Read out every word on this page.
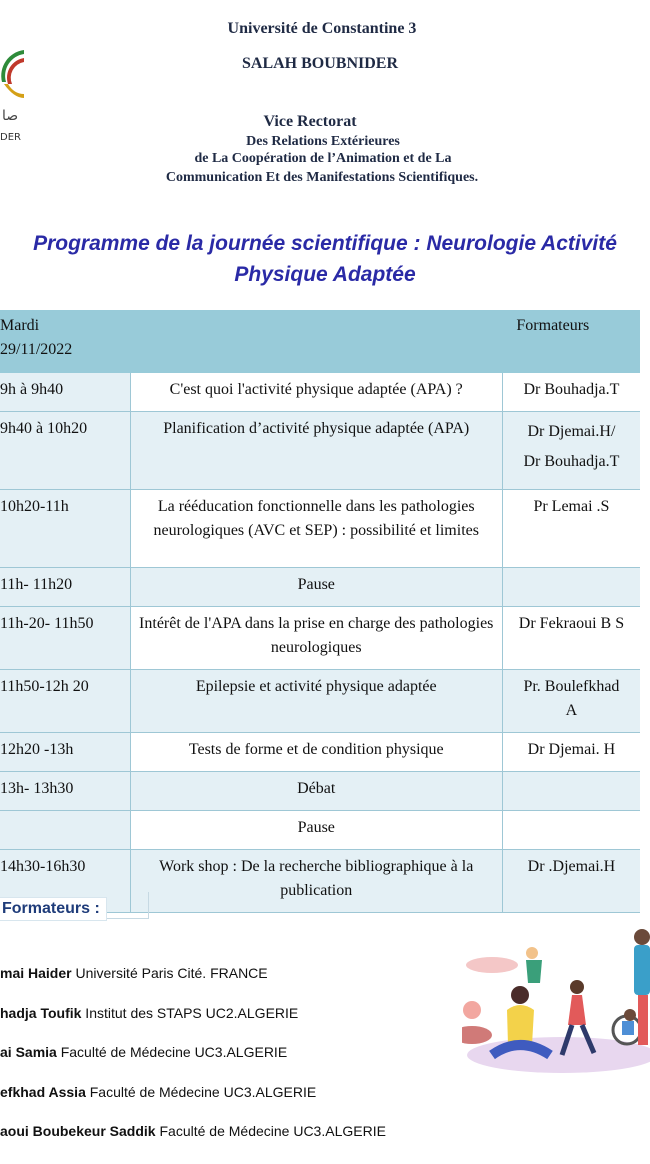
صا
DER
Université de Constantine 3
SALAH BOUBNIDER
Vice Rectorat
Des Relations Extérieures
de La Coopération de l’Animation et de La
Communication Et des Manifestations Scientifiques.
Programme de la journée scientifique : Neurologie Activité
Physique Adaptée
Mardi
29/11/2022		Formateurs

9h à 9h40	C'est quoi l'activité physique adaptée (APA) ?	Dr Bouhadja.T

9h40 à 10h20	Planification d’activité physique adaptée (APA)	Dr Djemai.H/
Dr Bouhadja.T

10h20-11h	La rééducation fonctionnelle dans les pathologies neurologiques (AVC et SEP) : possibilité et limites	Pr Lemai .S

11h- 11h20	Pause	

11h-20- 11h50	Intérêt de l'APA dans la prise en charge des pathologies neurologiques	Dr Fekraoui B S

11h50-12h 20	Epilepsie et activité physique adaptée	Pr. Boulefkhad
A

12h20 -13h	Tests de forme et de condition physique	Dr Djemai. H

13h- 13h30	Débat	

	Pause	

14h30-16h30	Work shop : De la recherche bibliographique à la publication	Dr .Djemai.H
Formateurs :
mai Haider Université Paris Cité. FRANCE
hadja Toufik Institut des STAPS UC2.ALGERIE
ai Samia Faculté de Médecine UC3.ALGERIE
efkhad Assia Faculté de Médecine UC3.ALGERIE
aoui Boubekeur Saddik Faculté de Médecine UC3.ALGERIE
